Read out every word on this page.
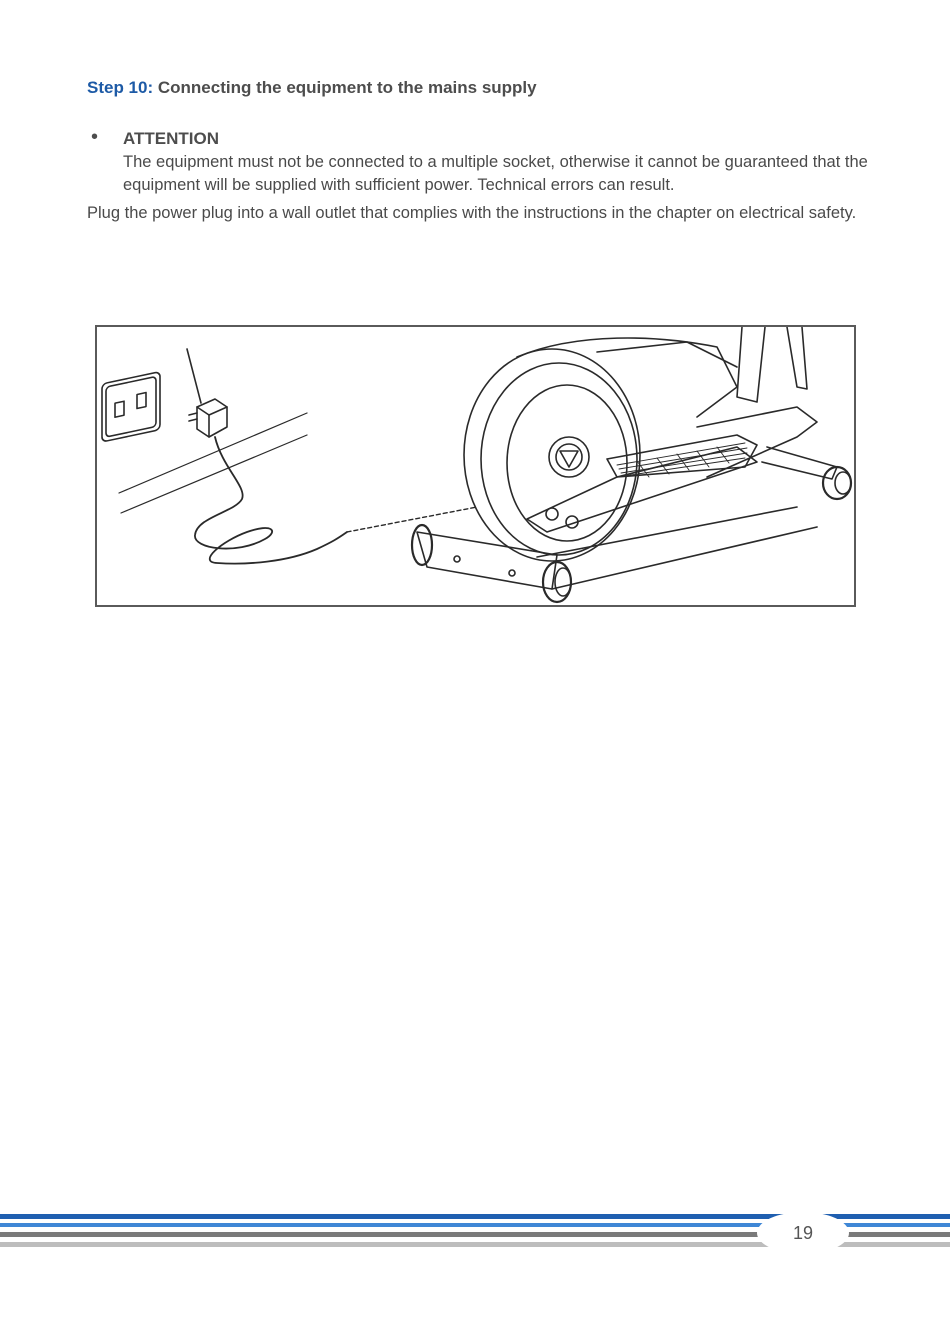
Step 10: Connecting the equipment to the mains supply
• ATTENTION
The equipment must not be connected to a multiple socket, otherwise it cannot be guaranteed that the equipment will be supplied with sufficient power. Technical errors can result.
Plug the power plug into a wall outlet that complies with the instructions in the chapter on electrical safety.
19
